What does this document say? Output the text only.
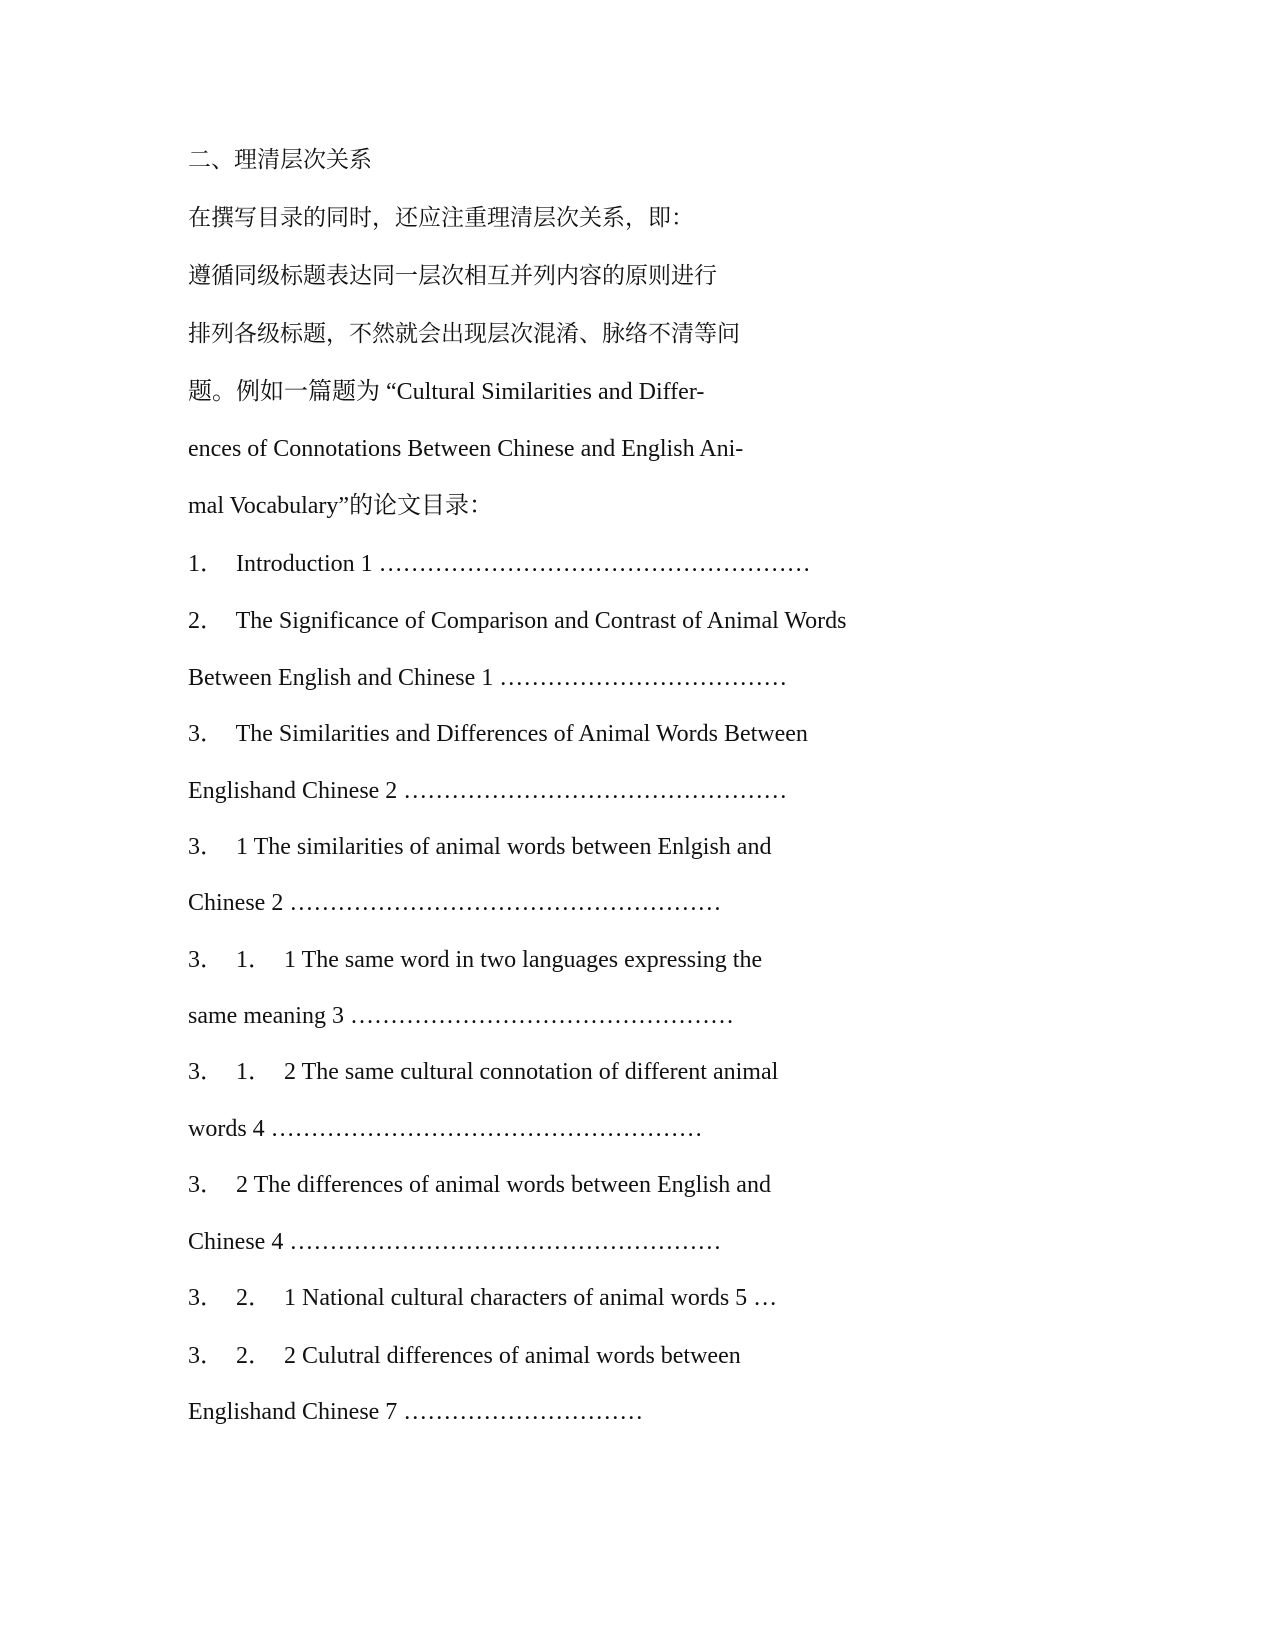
二、理清层次关系
在撰写目录的同时，还应注重理清层次关系，即：
遵循同级标题表达同一层次相互并列内容的原则进行
排列各级标题，不然就会出现层次混淆、脉络不清等问
题。例如一篇题为 “Cultural Similarities and Differ-
ences of Connotations Between Chinese and English Ani-
mal Vocabulary”的论文目录：
1．  Introduction 1 ………………………………………………
2．  The Significance of Comparison and Contrast of Animal Words
Between English and Chinese 1 ………………………………
3．  The Similarities and Differences of Animal Words Between
Englishand Chinese 2 …………………………………………
3．  1 The similarities of animal words between Enlgish and
Chinese 2 ………………………………………………
3．  1．  1 The same word in two languages expressing the
same meaning 3 …………………………………………
3．  1．  2 The same cultural connotation of different animal
words 4 ………………………………………………
3．  2 The differences of animal words between English and
Chinese 4 ………………………………………………
3．  2．  1 National cultural characters of animal words 5 …
3．  2．  2 Culutral differences of animal words between
Englishand Chinese 7 …………………………
